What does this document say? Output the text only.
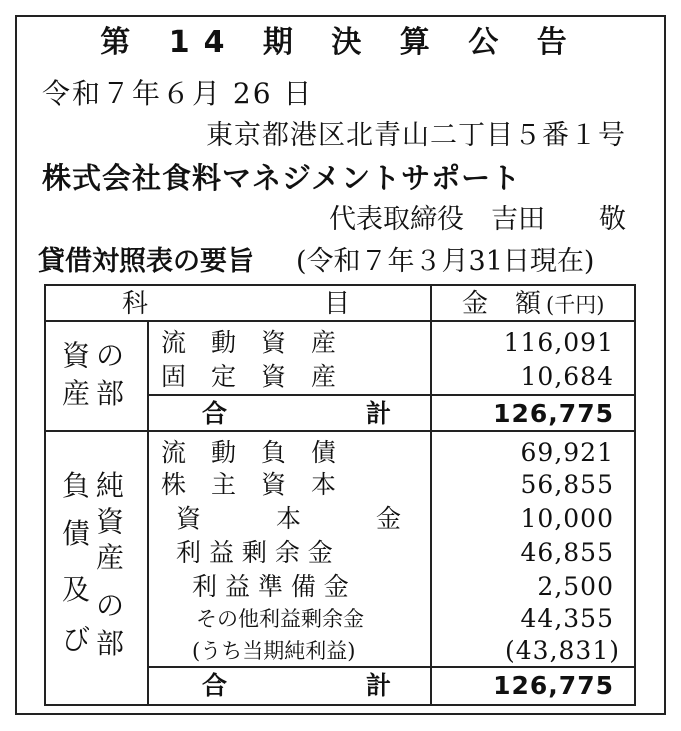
第 14 期 決 算 公 告
令和７年６月 26 日
東京都港区北青山二丁目５番１号
株式会社食料マネジメントサポート
代表取締役　吉田　　敬
貸借対照表の要旨 (令和７年３月31日現在)
科	目	金 額 (千円)
資
産
の
部
流　動　資　産	116,091
固　定　資　産	10,684
合	計	126,775
負
債
及
び
純
資
産
の
部
流　動　負　債	69,921
株　主　資　本	56,855
資　　　本　　　金	10,000
利 益 剰 余 金	46,855
利 益 準 備 金	2,500
その他利益剰余金	44,355
(うち当期純利益)	(43,831)
合	計	126,775
